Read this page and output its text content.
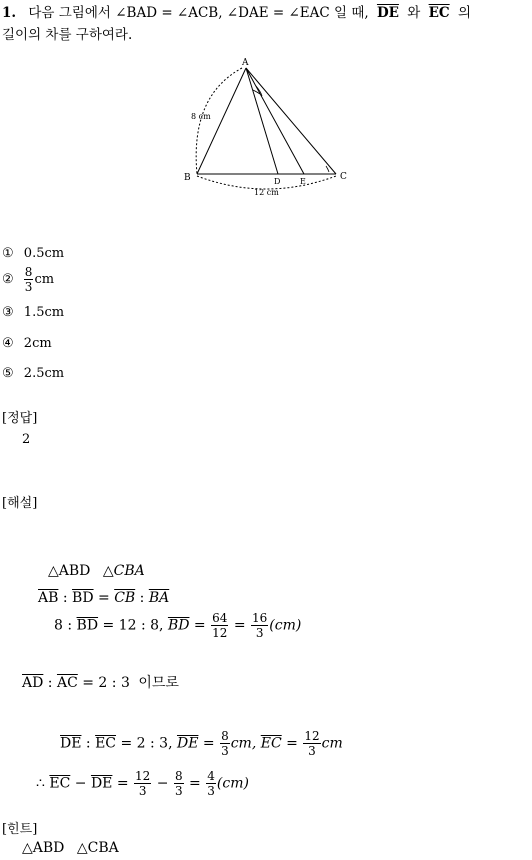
1. 다음 그림에서 ∠BAD = ∠ACB, ∠DAE = ∠EAC 일 때, $\overline{DE}$ 와 $\overline{EC}$ 의
길이의 차를 구하여라.
A
B	C
D E
8 cm
12 cm
① 0.5cm
② $\frac{8}{3}$ cm
③ 1.5cm
④ 2cm
⑤ 2.5cm
[정답]
2
[해설]
△ABD △CBA
$\overline{AB}$ : $\overline{BD} = \overline{CB}$ : $\overline{BA}$
8 : $\overline{BD} = 12$ : 8, $\overline{BD} = \frac{64}{12} = \frac{16}{3} (cm)$
$\overline{AD}$ : $\overline{AC} = 2$ : 3 이므로
$\overline{DE}$ : $\overline{EC} = 2$ : 3, $\overline{DE} = \frac{8}{3}$ cm, $\overline{EC} = \frac{12}{3}$ cm
∴ $\overline{EC} - \overline{DE} = \frac{12}{3} - \frac{8}{3} = \frac{4}{3} (cm)$
[힌트]
△ABD △CBA
